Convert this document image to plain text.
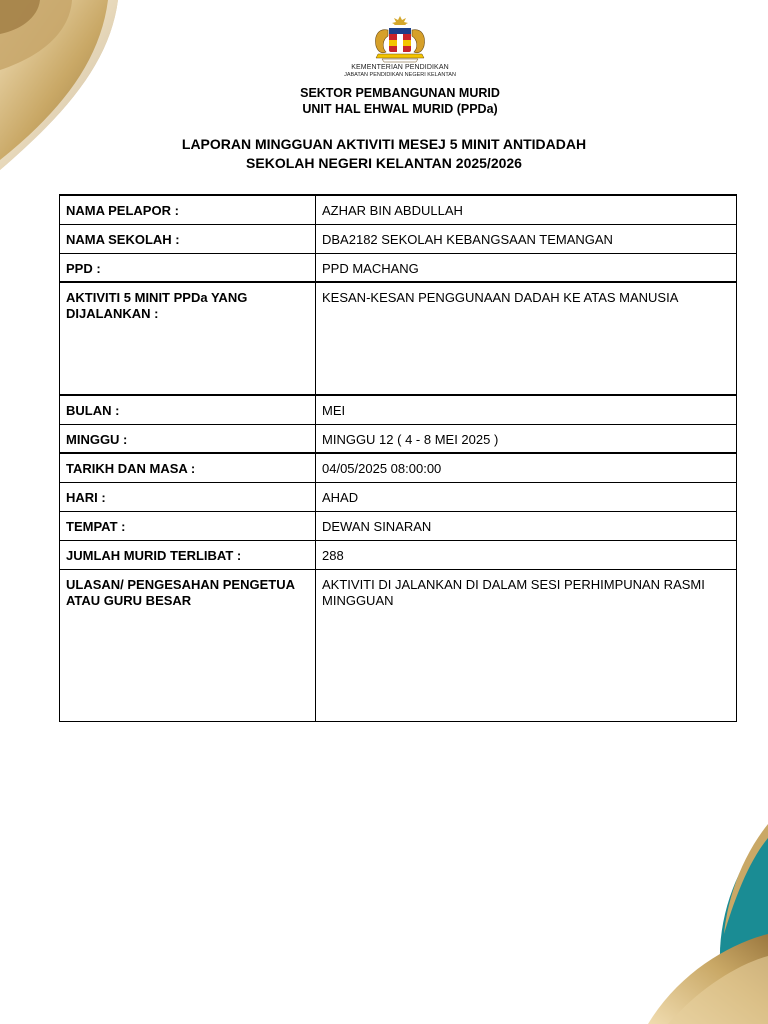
KEMENTERIAN PENDIDIKAN
JABATAN PENDIDIKAN NEGERI KELANTAN
SEKTOR PEMBANGUNAN MURID
UNIT HAL EHWAL MURID (PPDa)
LAPORAN MINGGUAN AKTIVITI MESEJ 5 MINIT ANTIDADAH
SEKOLAH NEGERI KELANTAN 2025/2026
NAMA PELAPOR :	AZHAR BIN ABDULLAH
NAMA SEKOLAH :	DBA2182 SEKOLAH KEBANGSAAN TEMANGAN
PPD :	PPD MACHANG
AKTIVITI 5 MINIT PPDa YANG DIJALANKAN :	KESAN-KESAN PENGGUNAAN DADAH KE ATAS MANUSIA
BULAN :	MEI
MINGGU :	MINGGU 12 ( 4 - 8 MEI 2025 )
TARIKH DAN MASA :	04/05/2025 08:00:00
HARI :	AHAD
TEMPAT :	DEWAN SINARAN
JUMLAH MURID TERLIBAT :	288
ULASAN/ PENGESAHAN PENGETUA ATAU GURU BESAR	AKTIVITI DI JALANKAN DI DALAM SESI PERHIMPUNAN RASMI MINGGUAN
